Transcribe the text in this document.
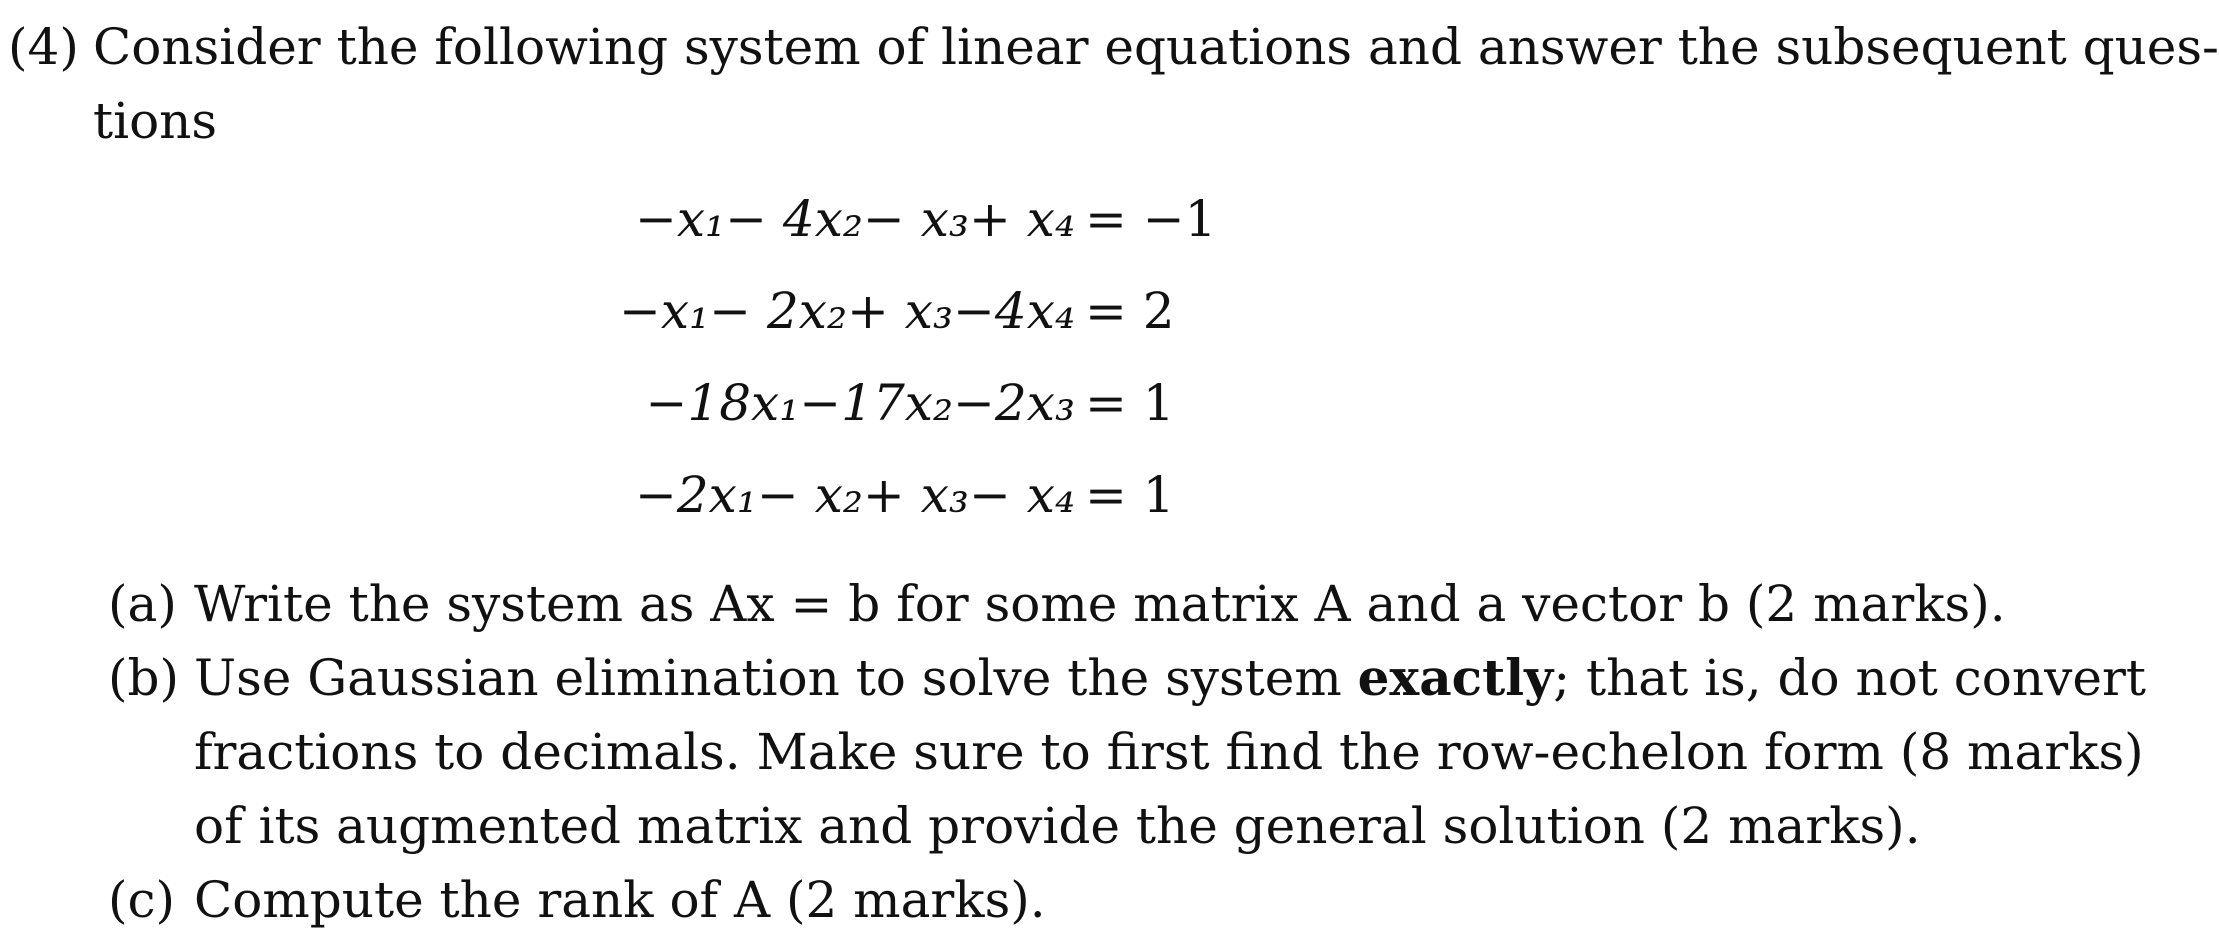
(4) Consider the following system of linear equations and answer the subsequent ques-
tions
−x₁− 4x₂− x₃+ x₄ = −1
−x₁− 2x₂+ x₃−4x₄ = 2
−18x₁−17x₂−2x₃ = 1
−2x₁− x₂+ x₃− x₄ = 1
(a) Write the system as Ax = b for some matrix A and a vector b (2 marks).
(b) Use Gaussian elimination to solve the system exactly; that is, do not convert
fractions to decimals. Make sure to first find the row-echelon form (8 marks)
of its augmented matrix and provide the general solution (2 marks).
(c) Compute the rank of A (2 marks).
